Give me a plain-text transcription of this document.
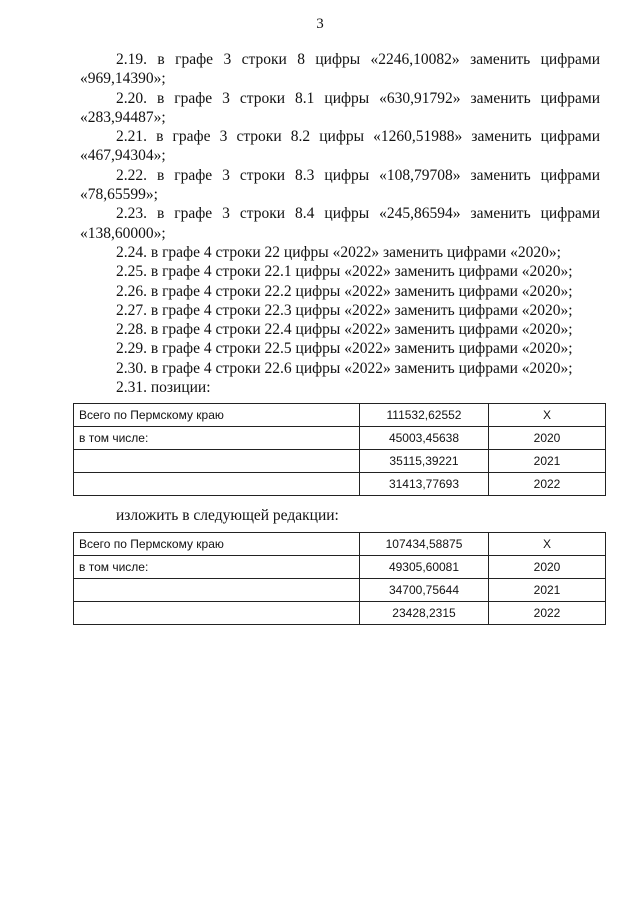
3

2.19. в графе 3 строки 8 цифры «2246,10082» заменить цифрами
«969,14390»;

2.20. в графе 3 строки 8.1 цифры «630,91792» заменить цифрами
«283,94487»;

2.21. в графе 3 строки 8.2 цифры «1260,51988» заменить цифрами
«467,94304»;

2.22. в графе 3 строки 8.3 цифры «108,79708» заменить цифрами
«78,65599»;

2.23. в графе 3 строки 8.4 цифры «245,86594» заменить цифрами
«138,60000»;

2.24. в графе 4 строки 22 цифры «2022» заменить цифрами «2020»;

2.25. в графе 4 строки 22.1 цифры «2022» заменить цифрами «2020»;

2.26. в графе 4 строки 22.2 цифры «2022» заменить цифрами «2020»;

2.27. в графе 4 строки 22.3 цифры «2022» заменить цифрами «2020»;

2.28. в графе 4 строки 22.4 цифры «2022» заменить цифрами «2020»;

2.29. в графе 4 строки 22.5 цифры «2022» заменить цифрами «2020»;

2.30. в графе 4 строки 22.6 цифры «2022» заменить цифрами «2020»;

2.31. позиции:

Всего по Пермскому краю	111532,62552	Х
в том числе:	45003,45638	2020
	35115,39221	2021
	31413,77693	2022
изложить в следующей редакции:
Всего по Пермскому краю	107434,58875	Х
в том числе:	49305,60081	2020
	34700,75644	2021
	23428,2315	2022
